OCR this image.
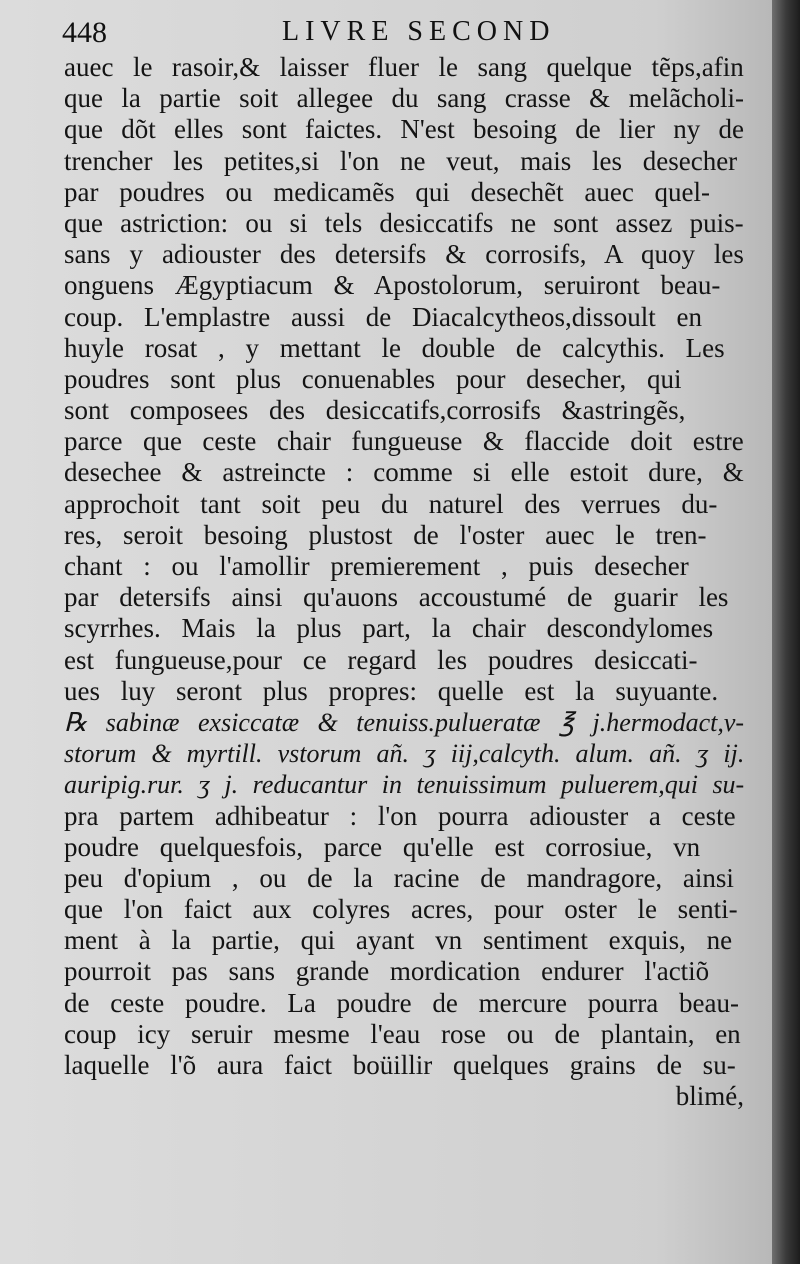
448	LIVRE SECOND
auec le rasoir,& laisser fluer le sang quelque tẽps,afin
que la partie soit allegee du sang crasse & melãcholi-
que dõt elles sont faictes. N'est besoing de lier ny de
trencher les petites,si l'on ne veut, mais les desecher
par poudres ou medicamẽs qui desechẽt auec quel-
que astriction: ou si tels desiccatifs ne sont assez puis-
sans y adiouster des detersifs & corrosifs, A quoy les
onguens Ægyptiacum & Apostolorum, seruiront beau-
coup. L'emplastre aussi de Diacalcytheos,dissoult en
huyle rosat , y mettant le double de calcythis. Les
poudres sont plus conuenables pour desecher, qui
sont composees des desiccatifs,corrosifs &astringẽs,
parce que ceste chair fungueuse & flaccide doit estre
desechee & astreincte : comme si elle estoit dure, &
approchoit tant soit peu du naturel des verrues du-
res, seroit besoing plustost de l'oster auec le tren-
chant : ou l'amollir premierement , puis desecher
par detersifs ainsi qu'auons accoustumé de guarir les
scyrrhes. Mais la plus part, la chair descondylomes
est fungueuse,pour ce regard les poudres desiccati-
ues luy seront plus propres: quelle est la suyuante.
℞ sabinæ exsiccatæ & tenuiss.pulueratæ ℥ j.hermodact,v-
storum & myrtill. vstorum añ. ʒ iij,calcyth. alum. añ. ʒ ij.
auripig.rur. ʒ j. reducantur in tenuissimum puluerem,qui su-
pra partem adhibeatur : l'on pourra adiouster a ceste
poudre quelquesfois, parce qu'elle est corrosiue, vn
peu d'opium , ou de la racine de mandragore, ainsi
que l'on faict aux colyres acres, pour oster le senti-
ment à la partie, qui ayant vn sentiment exquis, ne
pourroit pas sans grande mordication endurer l'actiõ
de ceste poudre. La poudre de mercure pourra beau-
coup icy seruir mesme l'eau rose ou de plantain, en
laquelle l'õ aura faict boüillir quelques grains de su-
blimé,
